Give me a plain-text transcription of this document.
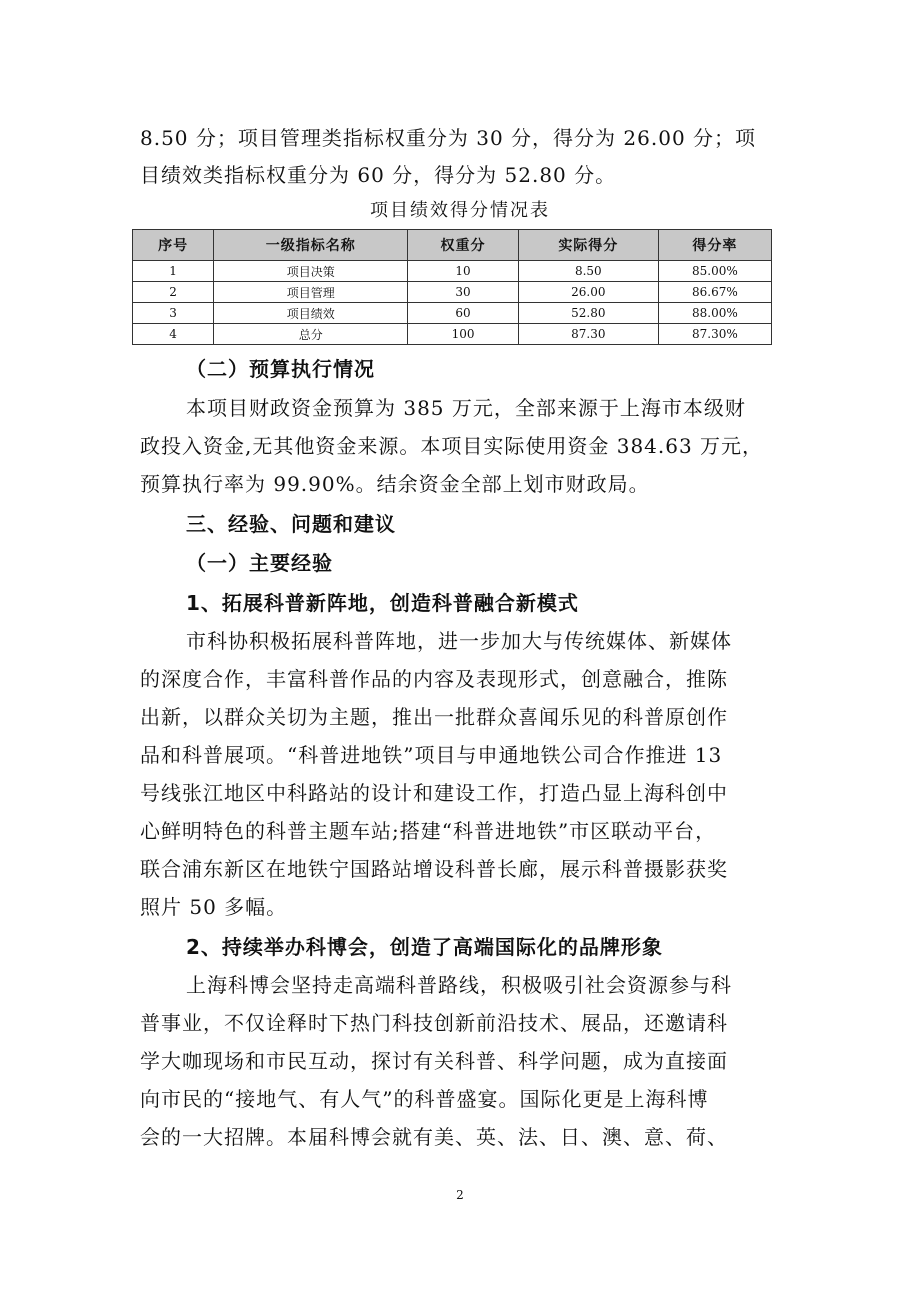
8.50 分；项目管理类指标权重分为 30 分，得分为 26.00 分；项
目绩效类指标权重分为 60 分，得分为 52.80 分。
项目绩效得分情况表
序号	一级指标名称	权重分	实际得分	得分率
1	项目决策	10	8.50	85.00%
2	项目管理	30	26.00	86.67%
3	项目绩效	60	52.80	88.00%
4	总分	100	87.30	87.30%
（二）预算执行情况
本项目财政资金预算为 385 万元，全部来源于上海市本级财
政投入资金,无其他资金来源。本项目实际使用资金 384.63 万元，
预算执行率为 99.90%。结余资金全部上划市财政局。
三、经验、问题和建议
（一）主要经验
1、拓展科普新阵地，创造科普融合新模式
市科协积极拓展科普阵地，进一步加大与传统媒体、新媒体
的深度合作，丰富科普作品的内容及表现形式，创意融合，推陈
出新，以群众关切为主题，推出一批群众喜闻乐见的科普原创作
品和科普展项。“科普进地铁”项目与申通地铁公司合作推进 13
号线张江地区中科路站的设计和建设工作，打造凸显上海科创中
心鲜明特色的科普主题车站;搭建“科普进地铁”市区联动平台，
联合浦东新区在地铁宁国路站增设科普长廊，展示科普摄影获奖
照片 50 多幅。
2、持续举办科博会，创造了高端国际化的品牌形象
上海科博会坚持走高端科普路线，积极吸引社会资源参与科
普事业，不仅诠释时下热门科技创新前沿技术、展品，还邀请科
学大咖现场和市民互动，探讨有关科普、科学问题，成为直接面
向市民的“接地气、有人气”的科普盛宴。国际化更是上海科博
会的一大招牌。本届科博会就有美、英、法、日、澳、意、荷、
2
